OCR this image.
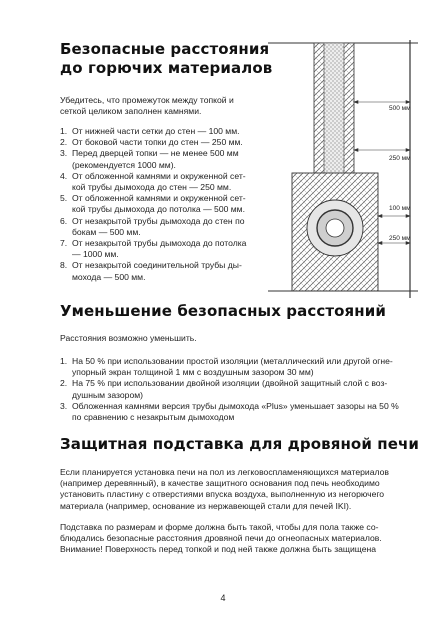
Безопасные расстояния
до горючих материалов
Убедитесь, что промежуток между топкой и
сеткой целиком заполнен камнями.
1. От нижней части сетки до стен — 100 мм.
2. От боковой части топки до стен — 250 мм.
3. Перед дверцей топки — не менее 500 мм
(рекомендуется 1000 мм).
4. От обложенной камнями и окруженной сет-
кой трубы дымохода до стен — 250 мм.
5. От обложенной камнями и окруженной сет-
кой трубы дымохода до потолка — 500 мм.
6. От незакрытой трубы дымохода до стен по
бокам — 500 мм.
7. От незакрытой трубы дымохода до потолка
— 1000 мм.
8. От незакрытой соединительной трубы ды-
мохода — 500 мм.
500 мм
250 мм
100 мм
250 мм
Уменьшение безопасных расстояний
Расстояния возможно уменьшить.
1. На 50 % при использовании простой изоляции (металлический или другой огне-
упорный экран толщиной 1 мм с воздушным зазором 30 мм)
2. На 75 % при использовании двойной изоляции (двойной защитный слой с воз-
душным зазором)
3. Обложенная камнями версия трубы дымохода «Plus» уменьшает зазоры на 50 %
по сравнению с незакрытым дымоходом
Защитная подставка для дровяной печи
Если планируется установка печи на пол из легковоспламеняющихся материалов
(например деревянный), в качестве защитного основания под печь необходимо
установить пластину с отверстиями впуска воздуха, выполненную из негорючего
материала (например, основание из нержавеющей стали для печей IKI).
Подставка по размерам и форме должна быть такой, чтобы для пола также со-
блюдались безопасные расстояния дровяной печи до огнеопасных материалов.
Внимание! Поверхность перед топкой и под ней также должна быть защищена
4
